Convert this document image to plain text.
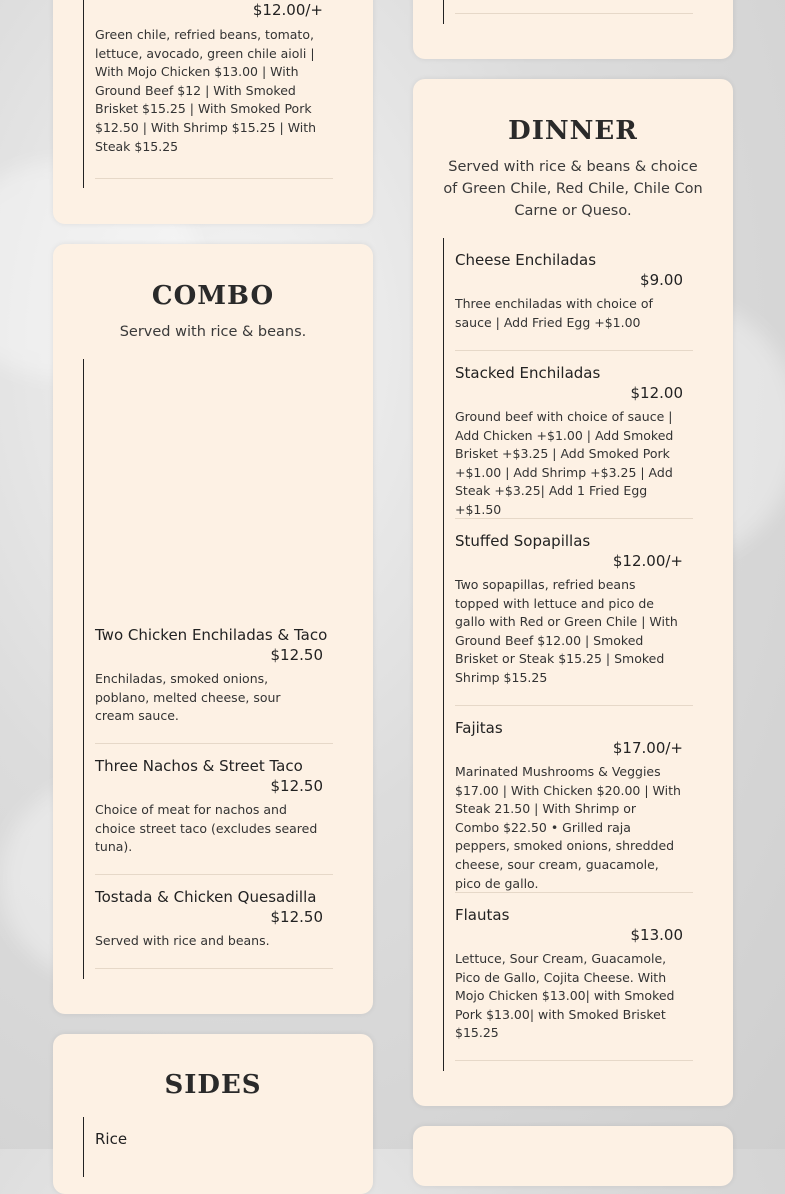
$12.00/+
Green chile, refried beans, tomato, lettuce, avocado, green chile aioli | With Mojo Chicken $13.00 | With Ground Beef $12 | With Smoked Brisket $15.25 | With Smoked Pork $12.50 | With Shrimp $15.25 | With Steak $15.25
COMBO
Served with rice & beans.
Two Chicken Enchiladas & Taco
$12.50
Enchiladas, smoked onions, poblano, melted cheese, sour cream sauce.
Three Nachos & Street Taco
$12.50
Choice of meat for nachos and choice street taco (excludes seared tuna).
Tostada & Chicken Quesadilla
$12.50
Served with rice and beans.
SIDES
Rice
DINNER
Served with rice & beans & choice of Green Chile, Red Chile, Chile Con Carne or Queso.
Cheese Enchiladas
$9.00
Three enchiladas with choice of sauce | Add Fried Egg +$1.00
Stacked Enchiladas
$12.00
Ground beef with choice of sauce | Add Chicken +$1.00 | Add Smoked Brisket +$3.25 | Add Smoked Pork +$1.00 | Add Shrimp +$3.25 | Add Steak +$3.25| Add 1 Fried Egg +$1.50
Stuffed Sopapillas
$12.00/+
Two sopapillas, refried beans topped with lettuce and pico de gallo with Red or Green Chile | With Ground Beef $12.00 | Smoked Brisket or Steak $15.25 | Smoked Shrimp $15.25
Fajitas
$17.00/+
Marinated Mushrooms & Veggies $17.00 | With Chicken $20.00 | With Steak 21.50 | With Shrimp or Combo $22.50 • Grilled raja peppers, smoked onions, shredded cheese, sour cream, guacamole, pico de gallo.
Flautas
$13.00
Lettuce, Sour Cream, Guacamole, Pico de Gallo, Cojita Cheese. With Mojo Chicken $13.00| with Smoked Pork $13.00| with Smoked Brisket $15.25
